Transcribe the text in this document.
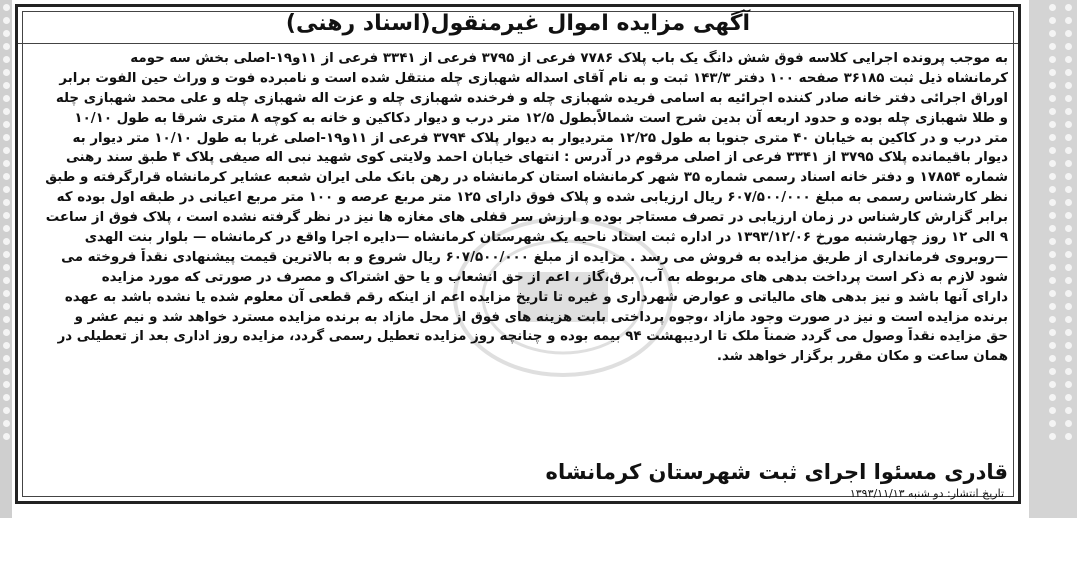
آگهی مزایده اموال غیرمنقول(اسناد رهنی)
به موجب پرونده اجرایی کلاسه فوق شش دانگ یک باب پلاک ۷۷۸۶ فرعی از ۳۷۹۵ فرعی از ۳۳۴۱ فرعی از ۱۱و۱۹-اصلی بخش سه حومه
کرمانشاه ذیل ثبت ۳۶۱۸۵ صفحه ۱۰۰ دفتر ۱۴۳/۳ ثبت و به نام آقای اسداله شهبازی چله منتقل شده است و نامبرده فوت و وراث حین الفوت برابر
اوراق اجرائی دفتر خانه صادر کننده اجرائیه به اسامی فریده شهبازی چله و فرخنده شهبازی چله و عزت اله شهبازی چله و علی محمد شهبازی چله
و طلا شهبازی چله بوده و حدود اربعه آن بدین شرح است شمالاًبطول ۱۲/۵ متر درب و دیوار دکاکین و خانه به کوچه ۸ متری شرقا به طول ۱۰/۱۰
متر درب و در کاکین به خیابان ۴۰ متری جنوبا به طول ۱۲/۲۵ متردیوار به دیوار پلاک ۳۷۹۴ فرعی از ۱۱و۱۹-اصلی غربا به طول ۱۰/۱۰ متر دیوار به
دیوار باقیمانده پلاک ۳۷۹۵ از ۳۳۴۱ فرعی از اصلی مرقوم در آدرس : انتهای خیابان احمد ولایتی کوی شهید نبی اله صیفی پلاک ۴ طبق سند رهنی
شماره ۱۷۸۵۴ و دفتر خانه اسناد رسمی شماره ۳۵ شهر کرمانشاه استان کرمانشاه در رهن بانک ملی ایران شعبه عشایر کرمانشاه قرارگرفته و طبق
نظر کارشناس رسمی به مبلغ ۶۰۷/۵۰۰/۰۰۰ ریال ارزیابی شده و پلاک فوق دارای ۱۲۵ متر مربع عرصه و ۱۰۰ متر مربع اعیانی در طبقه اول بوده که
برابر گزارش کارشناس در زمان ارزیابی در تصرف مستاجر بوده و ارزش سر قفلی های مغازه ها نیز در نظر گرفته نشده است ، پلاک فوق از ساعت
۹ الی ۱۲ روز چهارشنبه مورخ ۱۳۹۳/۱۲/۰۶ در اداره ثبت اسناد ناحیه یک شهرستان کرمانشاه —دایره اجرا واقع در کرمانشاه — بلوار بنت الهدی
—روبروی فرمانداری از طریق مزایده به فروش می رسد . مزایده از مبلغ ۶۰۷/۵۰۰/۰۰۰ ریال شروع و به بالاترین قیمت پیشنهادی نقداً فروخته می
شود لازم به ذکر است پرداخت بدهی های مربوطه به آب، برق،گاز ، اعم از حق انشعاب و یا حق اشتراک و مصرف در صورتی که مورد مزایده
دارای آنها باشد و نیز بدهی های مالیاتی و عوارض شهرداری و غیره تا تاریخ مزایده اعم از اینکه رقم قطعی آن معلوم شده یا نشده باشد به عهده
برنده مزایده است و نیز در صورت وجود مازاد ،وجوه پرداختی بابت هزینه های فوق از محل مازاد به برنده مزایده مسترد خواهد شد و نیم عشر و
حق مزایده نقداً وصول می گردد ضمناً ملک تا اردیبهشت ۹۴ بیمه بوده و چنانچه روز مزایده تعطیل رسمی گردد، مزایده روز اداری بعد از تعطیلی در
همان ساعت و مکان مقرر برگزار خواهد شد.
قادری مسئوا اجرای ثبت شهرستان کرمانشاه
تاریخ انتشار: دو شنبه ۱۳۹۳/۱۱/۱۳
